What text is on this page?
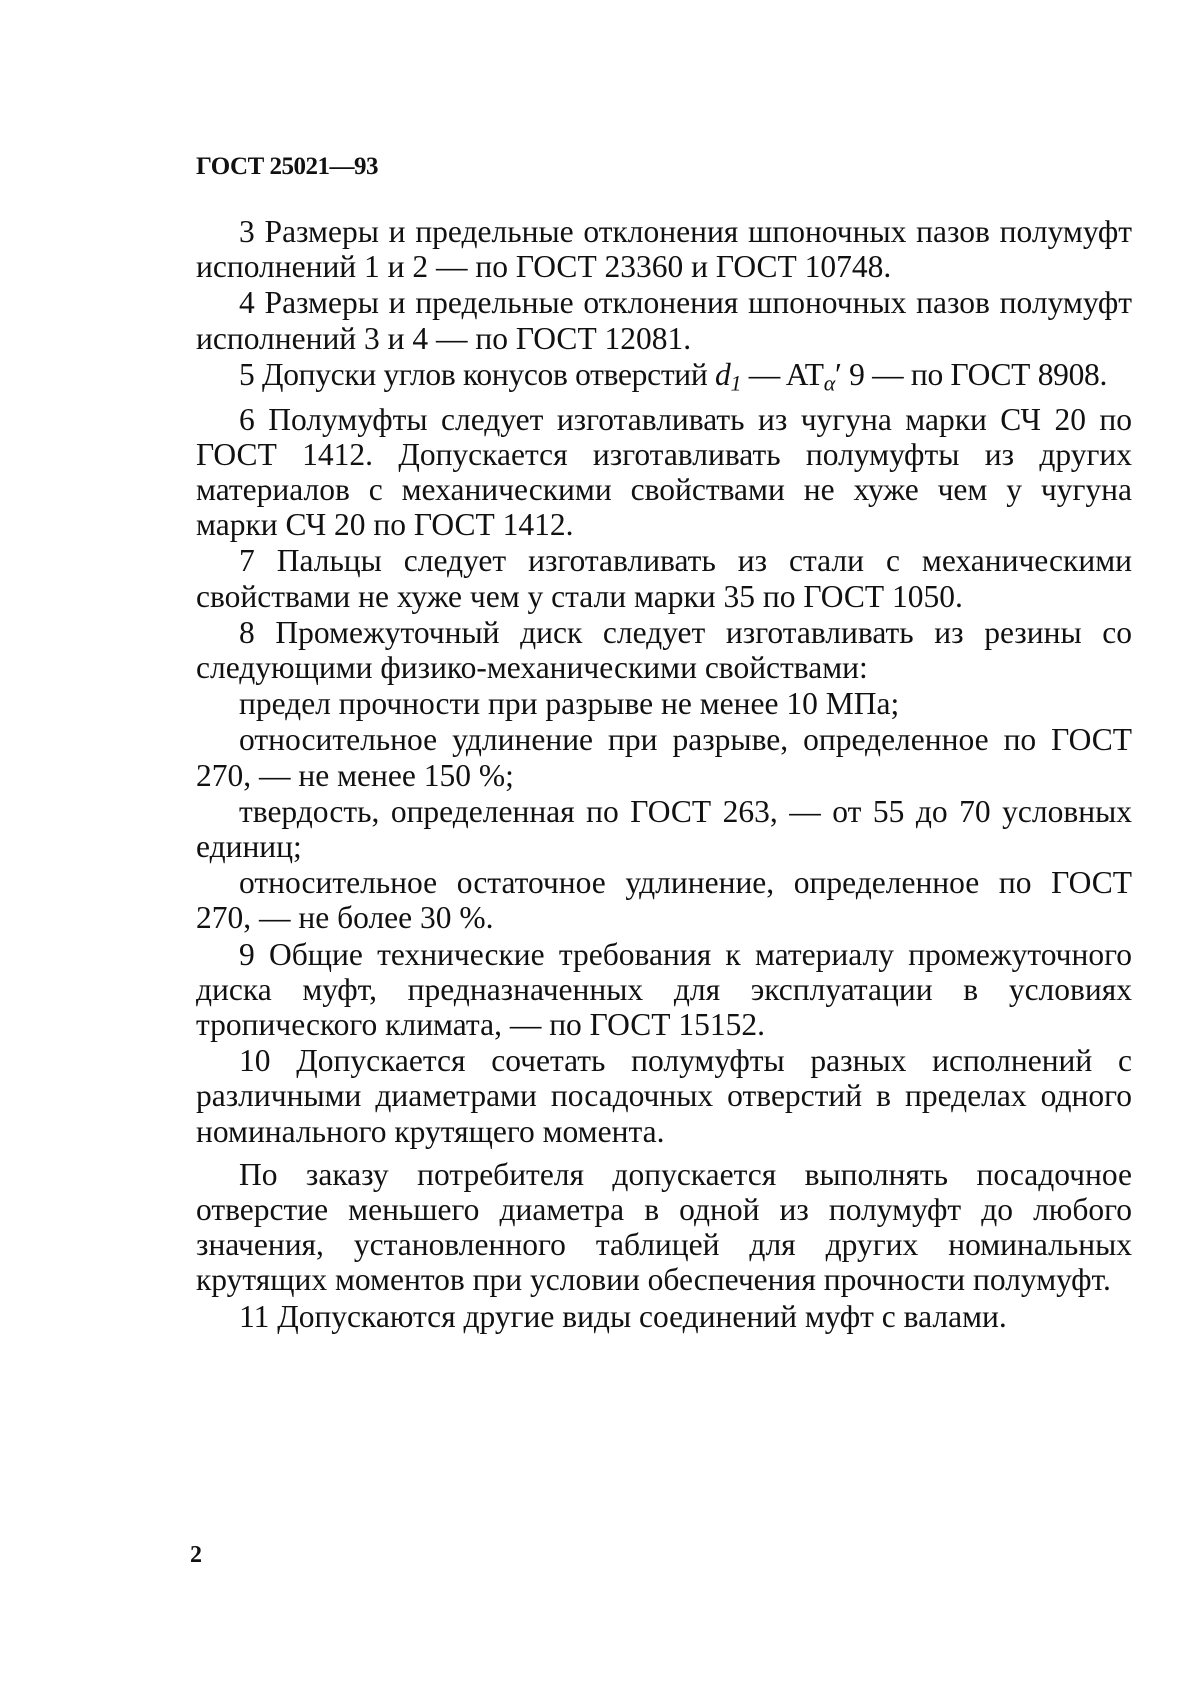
ГОСТ 25021—93

3 Размеры и предельные отклонения шпоночных пазов полумуфт исполнений 1 и 2 — по ГОСТ 23360 и ГОСТ 10748.

4 Размеры и предельные отклонения шпоночных пазов полумуфт исполнений 3 и 4 — по ГОСТ 12081.

5 Допуски углов конусов отверстий $d_1$ — $AT_\alpha'$ 9 — по ГОСТ 8908.

6 Полумуфты следует изготавливать из чугуна марки СЧ 20 по ГОСТ 1412. Допускается изготавливать полумуфты из других материалов с механическими свойствами не хуже чем у чугуна марки СЧ 20 по ГОСТ 1412.

7 Пальцы следует изготавливать из стали с механическими свойствами не хуже чем у стали марки 35 по ГОСТ 1050.

8 Промежуточный диск следует изготавливать из резины со следующими физико-механическими свойствами:

предел прочности при разрыве не менее 10 МПа;

относительное удлинение при разрыве, определенное по ГОСТ 270, — не менее 150 %;

твердость, определенная по ГОСТ 263, — от 55 до 70 условных единиц;

относительное остаточное удлинение, определенное по ГОСТ 270, — не более 30 %.

9 Общие технические требования к материалу промежуточного диска муфт, предназначенных для эксплуатации в условиях тропического климата, — по ГОСТ 15152.

10 Допускается сочетать полумуфты разных исполнений с различными диаметрами посадочных отверстий в пределах одного номинального крутящего момента.

По заказу потребителя допускается выполнять посадочное отверстие меньшего диаметра в одной из полумуфт до любого значения, установленного таблицей для других номинальных крутящих моментов при условии обеспечения прочности полумуфт.

11 Допускаются другие виды соединений муфт с валами.

2
